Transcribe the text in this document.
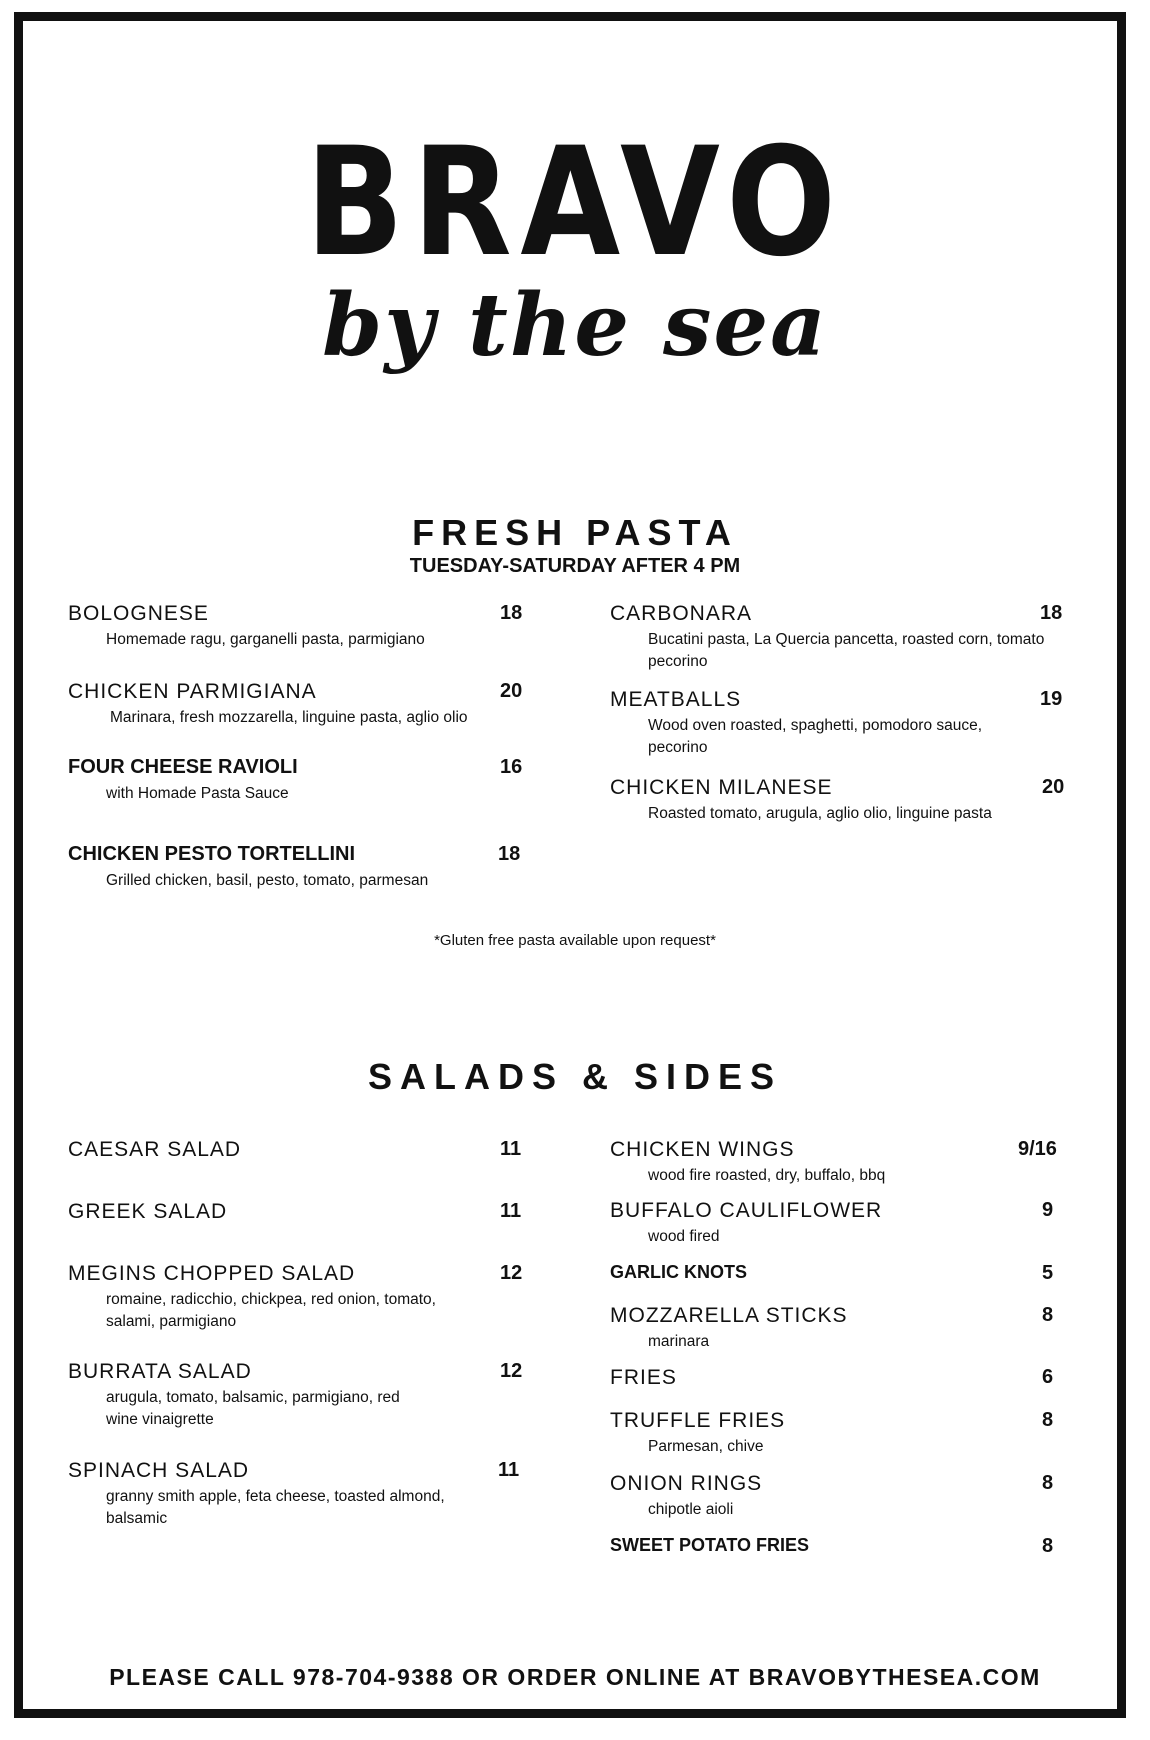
BRAVO
by the sea
FRESH PASTA
TUESDAY-SATURDAY AFTER 4 PM
BOLOGNESE	18
Homemade ragu, garganelli pasta, parmigiano
CHICKEN PARMIGIANA	20
Marinara, fresh mozzarella, linguine pasta, aglio olio
FOUR CHEESE RAVIOLI	16
with Homade Pasta Sauce
CHICKEN PESTO TORTELLINI	18
Grilled chicken, basil, pesto, tomato, parmesan
CARBONARA	18
Bucatini pasta, La Quercia pancetta, roasted corn, tomato
pecorino
MEATBALLS	19
Wood oven roasted, spaghetti, pomodoro sauce,
pecorino
CHICKEN MILANESE	20
Roasted tomato, arugula, aglio olio, linguine pasta
*Gluten free pasta available upon request*
SALADS & SIDES
CAESAR SALAD	11
GREEK SALAD	11
MEGINS CHOPPED SALAD	12
romaine, radicchio, chickpea, red onion, tomato,
salami, parmigiano
BURRATA SALAD	12
arugula, tomato, balsamic, parmigiano, red
wine vinaigrette
SPINACH SALAD	11
granny smith apple, feta cheese, toasted almond,
balsamic
CHICKEN WINGS	9/16
wood fire roasted, dry, buffalo, bbq
BUFFALO CAULIFLOWER	9
wood fired
GARLIC KNOTS	5
MOZZARELLA STICKS	8
marinara
FRIES	6
TRUFFLE FRIES	8
Parmesan, chive
ONION RINGS	8
chipotle aioli
SWEET POTATO FRIES	8
PLEASE CALL 978-704-9388 OR ORDER ONLINE AT BRAVOBYTHESEA.COM
